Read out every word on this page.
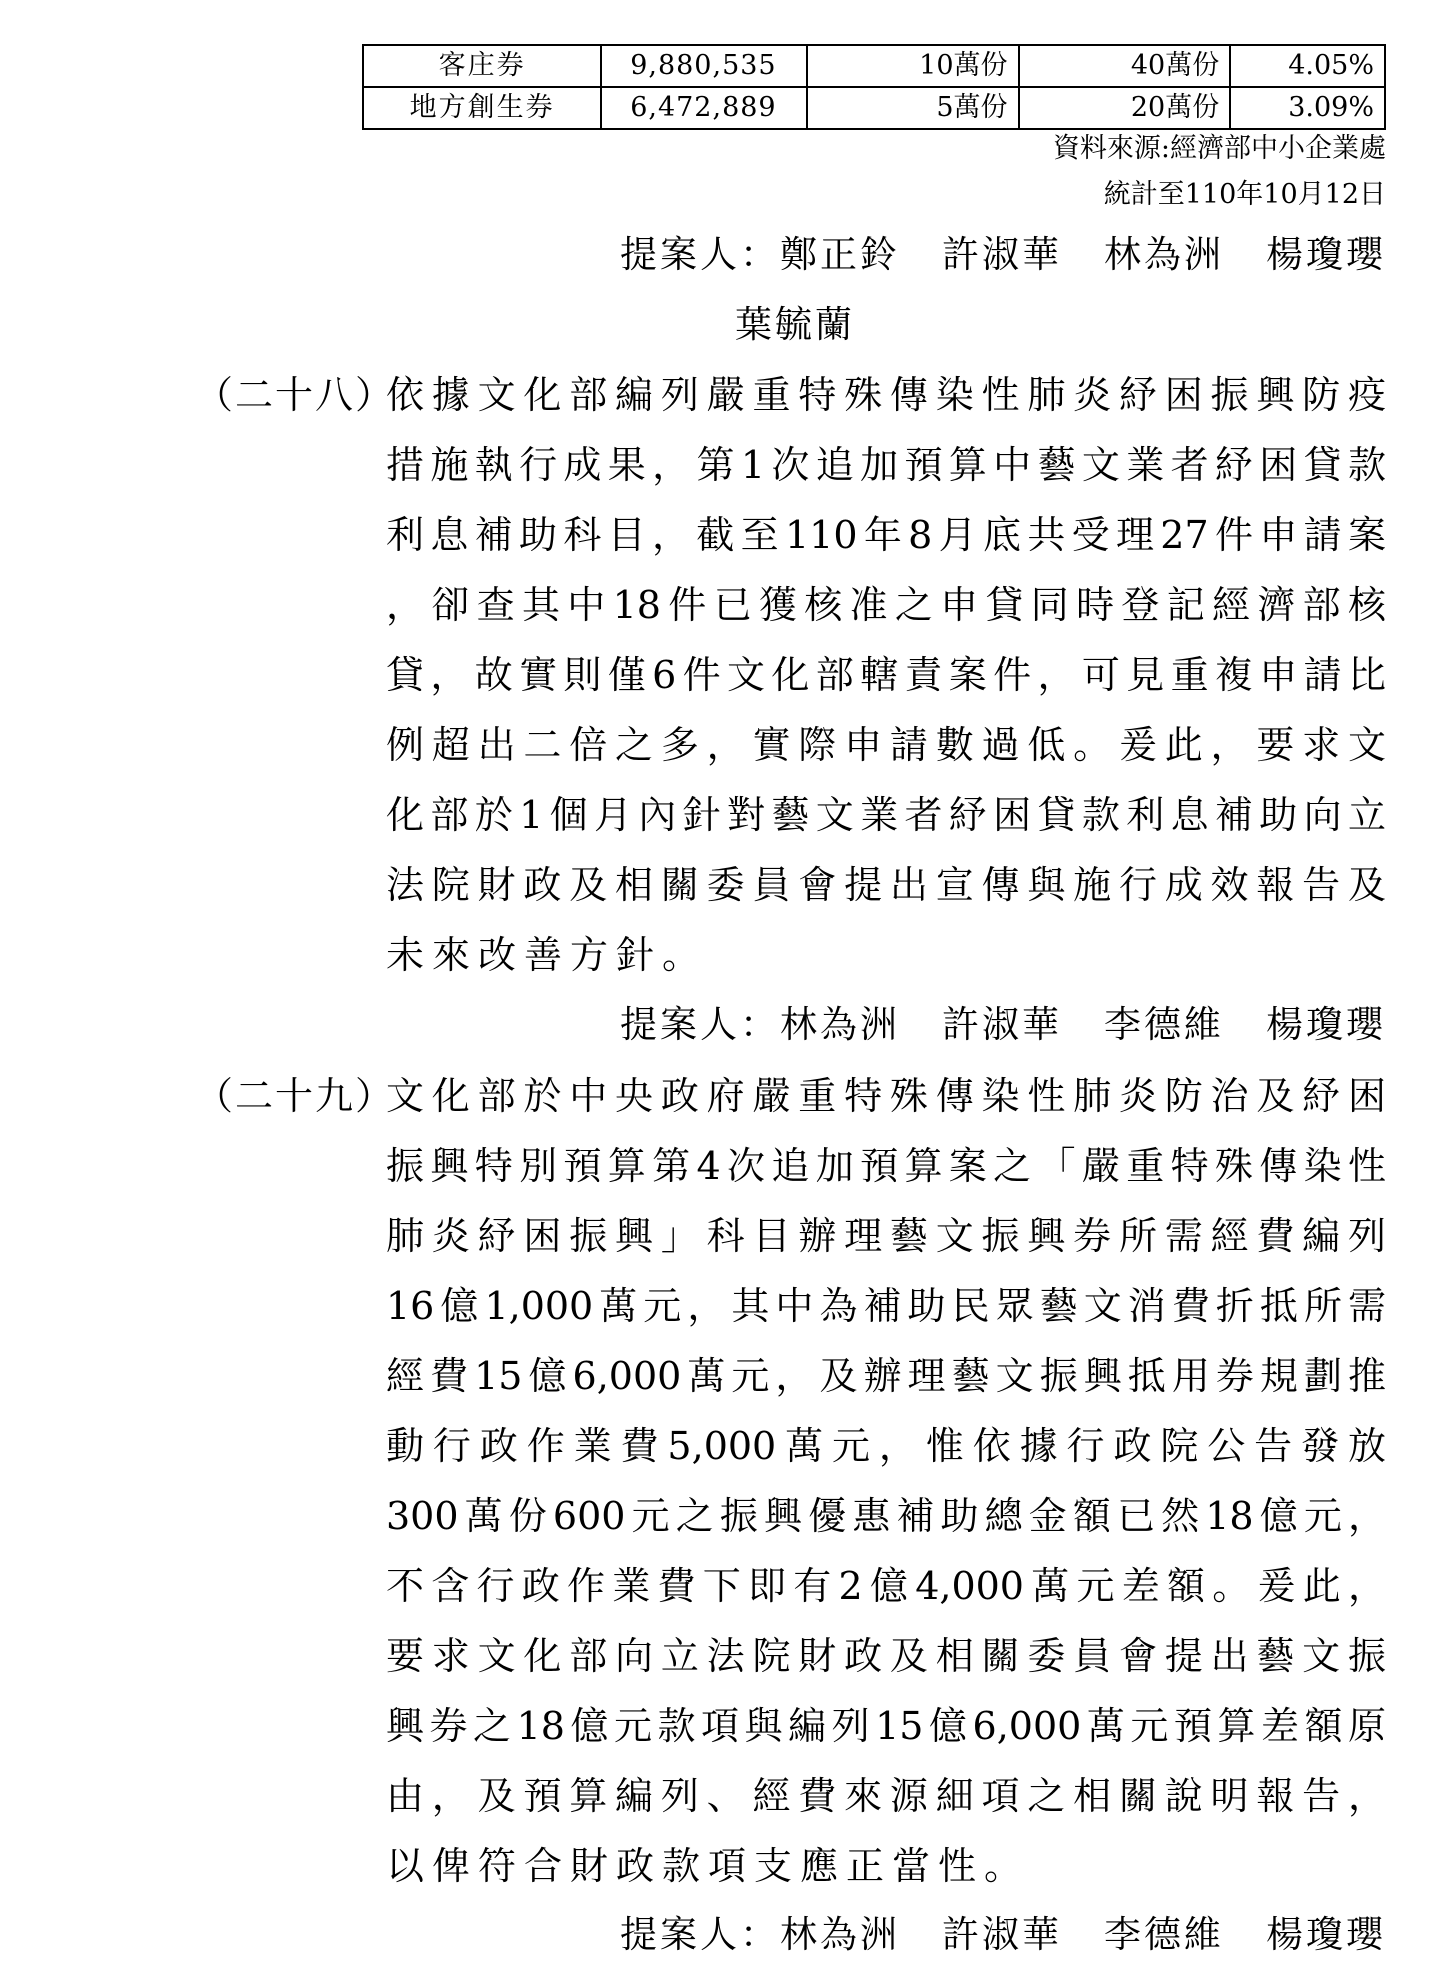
客庄券	9,880,535	10萬份	40萬份	4.05%
地方創生券	6,472,889	5萬份	20萬份	3.09%
資料來源:經濟部中小企業處
統計至110年10月12日
提案人：鄭正鈴 許淑華 林為洲 楊瓊瓔
葉毓蘭
（二十八）
依據文化部編列嚴重特殊傳染性肺炎紓困振興防疫
措施執行成果，第1次追加預算中藝文業者紓困貸款
利息補助科目，截至110年8月底共受理27件申請案
，卻查其中18件已獲核准之申貸同時登記經濟部核
貸，故實則僅6件文化部轄責案件，可見重複申請比
例超出二倍之多，實際申請數過低。爰此，要求文
化部於1個月內針對藝文業者紓困貸款利息補助向立
法院財政及相關委員會提出宣傳與施行成效報告及
未來改善方針。
提案人：林為洲 許淑華 李德維 楊瓊瓔
（二十九）
文化部於中央政府嚴重特殊傳染性肺炎防治及紓困
振興特別預算第4次追加預算案之「嚴重特殊傳染性
肺炎紓困振興」科目辦理藝文振興券所需經費編列
16億1,000萬元，其中為補助民眾藝文消費折抵所需
經費15億6,000萬元，及辦理藝文振興抵用券規劃推
動行政作業費5,000萬元，惟依據行政院公告發放
300萬份600元之振興優惠補助總金額已然18億元，
不含行政作業費下即有2億4,000萬元差額。爰此，
要求文化部向立法院財政及相關委員會提出藝文振
興券之18億元款項與編列15億6,000萬元預算差額原
由，及預算編列、經費來源細項之相關說明報告，
以俾符合財政款項支應正當性。
提案人：林為洲 許淑華 李德維 楊瓊瓔
